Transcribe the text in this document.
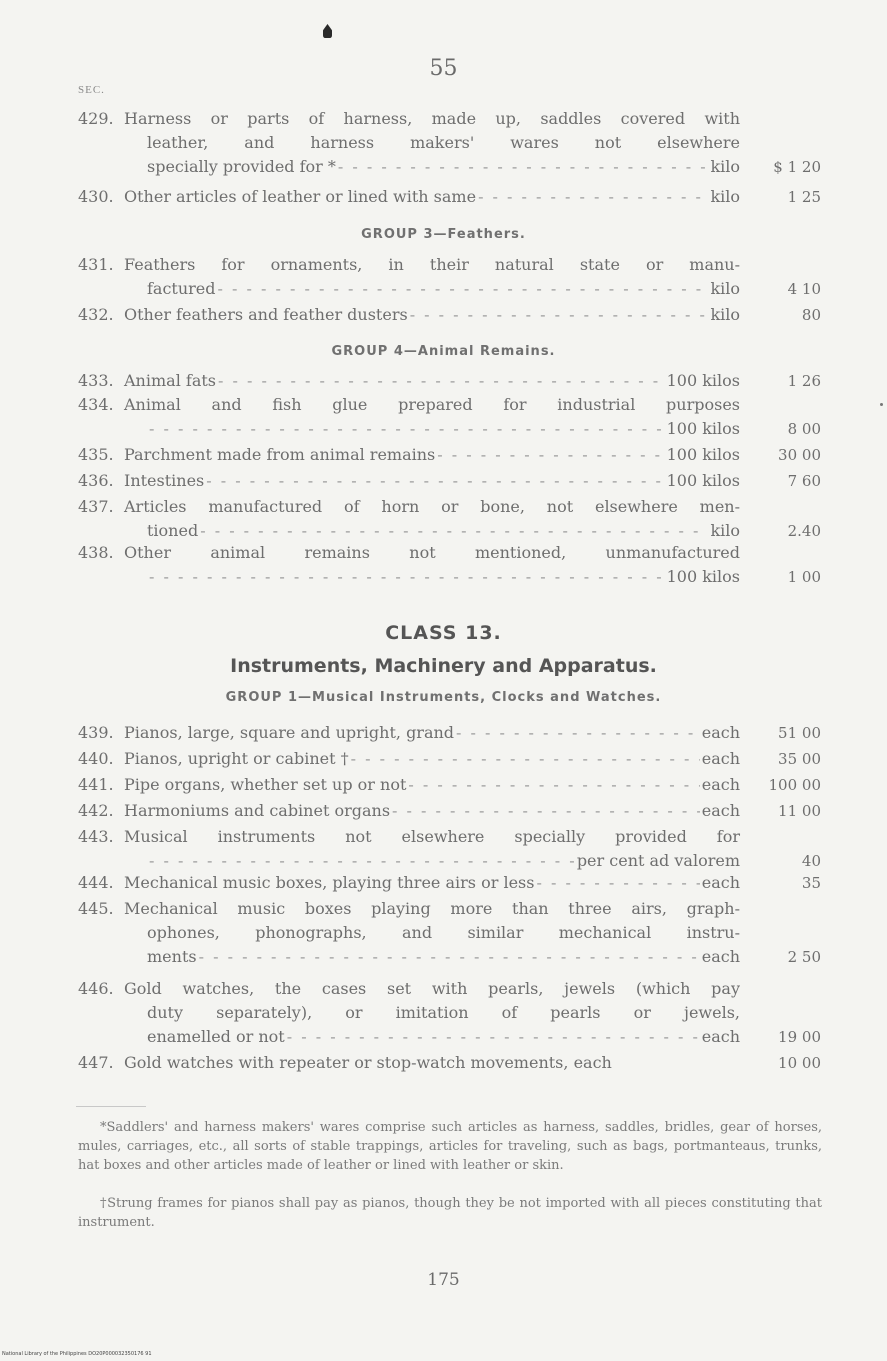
55
SEC.
429. Harness or parts of harness, made up, saddles covered with
leather, and harness makers' wares not elsewhere
specially provided for * - - -	kilo $ 1 20
430. Other articles of leather or lined with same - - -	kilo	1 25
GROUP 3—Feathers.
431. Feathers for ornaments, in their natural state or manu-
factured - - -	kilo	4 10
432. Other feathers and feather dusters - - -	kilo	80
GROUP 4—Animal Remains.
433. Animal fats - - -	100 kilos	1 26
434. Animal and fish glue prepared for industrial purposes
- - -
100 kilos	8 00
435. Parchment made from animal remains - - -	100 kilos	30 00
436. Intestines - - -	100 kilos	7 60
437. Articles manufactured of horn or bone, not elsewhere men-
tioned - - -	kilo	2.40
438. Other animal remains not mentioned, unmanufactured
- - -
100 kilos	1 00
CLASS 13.
Instruments, Machinery and Apparatus.
GROUP 1—Musical Instruments, Clocks and Watches.
439. Pianos, large, square and upright, grand - - -	each	51 00
440. Pianos, upright or cabinet † - - -	each	35 00
441. Pipe organs, whether set up or not - - -	each 100 00
442. Harmoniums and cabinet organs - - -	each	11 00
443. Musical instruments not elsewhere specially provided for
- - -
per cent ad valorem	40
444. Mechanical music boxes, playing three airs or less - - -	each	35
445. Mechanical music boxes playing more than three airs, graph-
ophones, phonographs, and similar mechanical instru-
ments - - -	each	2 50
446. Gold watches, the cases set with pearls, jewels (which pay
duty separately), or imitation of pearls or jewels,
enamelled or not - - -	each	19 00
447. Gold watches with repeater or stop-watch movements, each	10 00
*Saddlers' and harness makers' wares comprise such articles as harness, saddles, bridles, gear of horses, mules, carriages, etc., all sorts of stable trappings, articles for traveling, such as bags, portmanteaus, trunks, hat boxes and other articles made of leather or lined with leather or skin.
†Strung frames for pianos shall pay as pianos, though they be not imported with all pieces constituting that instrument.
175
National Library of the Philippines DO20P000032350176 91
